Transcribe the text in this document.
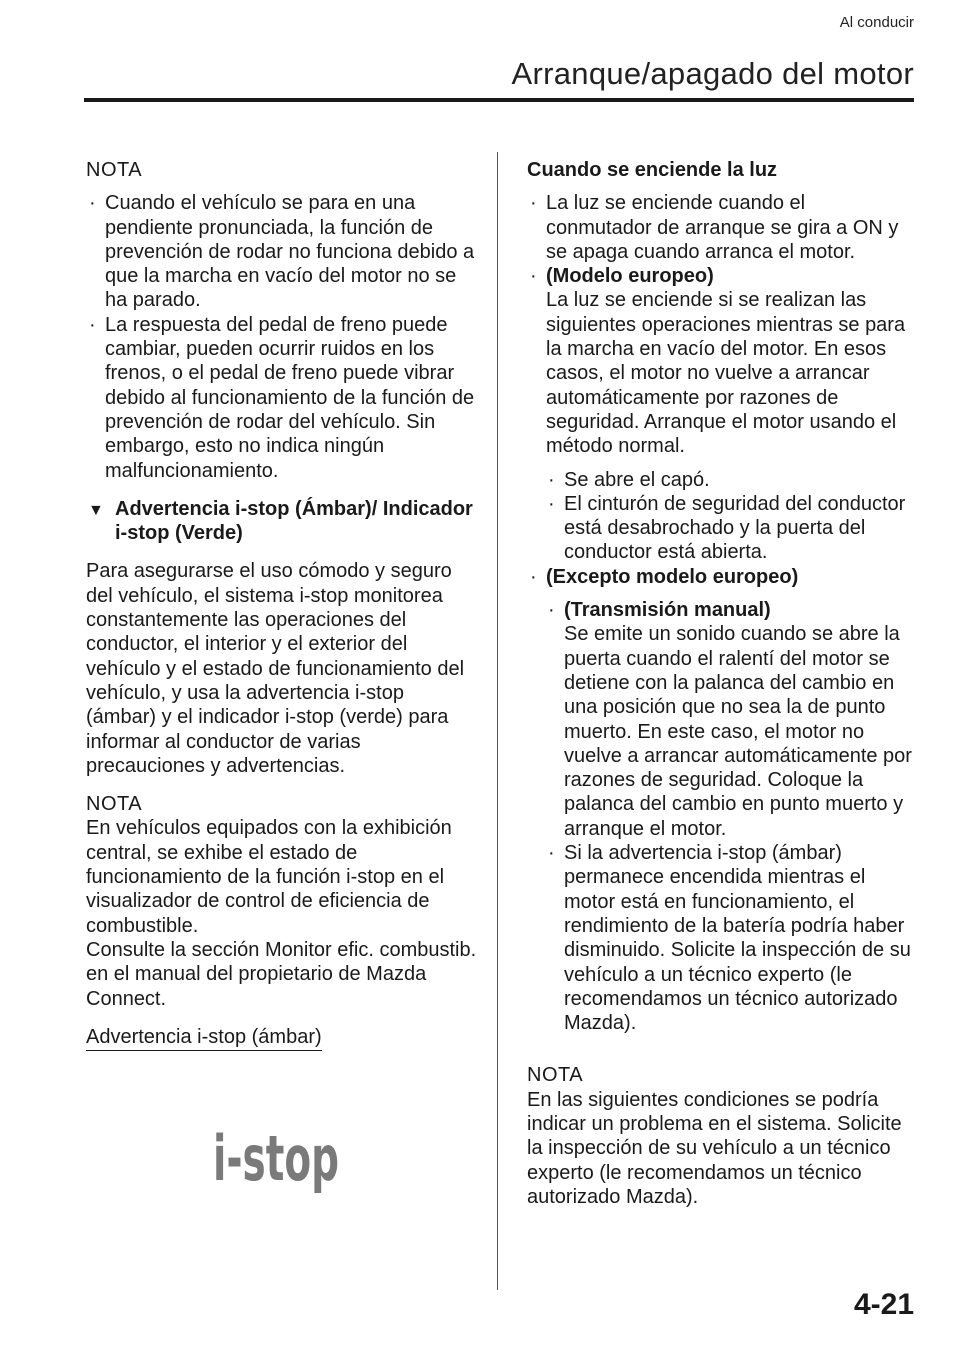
Al conducir
Arranque/apagado del motor

NOTA

· Cuando el vehículo se para en una pendiente pronunciada, la función de prevención de rodar no funciona debido a que la marcha en vacío del motor no se ha parado.
· La respuesta del pedal de freno puede cambiar, pueden ocurrir ruidos en los frenos, o el pedal de freno puede vibrar debido al funcionamiento de la función de prevención de rodar del vehículo. Sin embargo, esto no indica ningún malfuncionamiento.
▼ Advertencia i-stop (Ámbar)/ Indicador i-stop (Verde)

Para asegurarse el uso cómodo y seguro del vehículo, el sistema i-stop monitorea constantemente las operaciones del conductor, el interior y el exterior del vehículo y el estado de funcionamiento del vehículo, y usa la advertencia i-stop (ámbar) y el indicador i-stop (verde) para informar al conductor de varias precauciones y advertencias.

NOTA

En vehículos equipados con la exhibición central, se exhibe el estado de funcionamiento de la función i-stop en el visualizador de control de eficiencia de combustible.

Consulte la sección Monitor efic. combustib. en el manual del propietario de Mazda Connect.

Advertencia i-stop (ámbar)

i-stop

Cuando se enciende la luz

· La luz se enciende cuando el conmutador de arranque se gira a ON y se apaga cuando arranca el motor.
· (Modelo europeo)
La luz se enciende si se realizan las siguientes operaciones mientras se para la marcha en vacío del motor. En esos casos, el motor no vuelve a arrancar automáticamente por razones de seguridad. Arranque el motor usando el método normal.
· Se abre el capó.
· El cinturón de seguridad del conductor está desabrochado y la puerta del conductor está abierta.
· (Excepto modelo europeo)
· (Transmisión manual)
Se emite un sonido cuando se abre la puerta cuando el ralentí del motor se detiene con la palanca del cambio en una posición que no sea la de punto muerto. En este caso, el motor no vuelve a arrancar automáticamente por razones de seguridad. Coloque la palanca del cambio en punto muerto y arranque el motor.
· Si la advertencia i-stop (ámbar) permanece encendida mientras el motor está en funcionamiento, el rendimiento de la batería podría haber disminuido. Solicite la inspección de su vehículo a un técnico experto (le recomendamos un técnico autorizado Mazda).

NOTA

En las siguientes condiciones se podría indicar un problema en el sistema. Solicite la inspección de su vehículo a un técnico experto (le recomendamos un técnico autorizado Mazda).

4-21
